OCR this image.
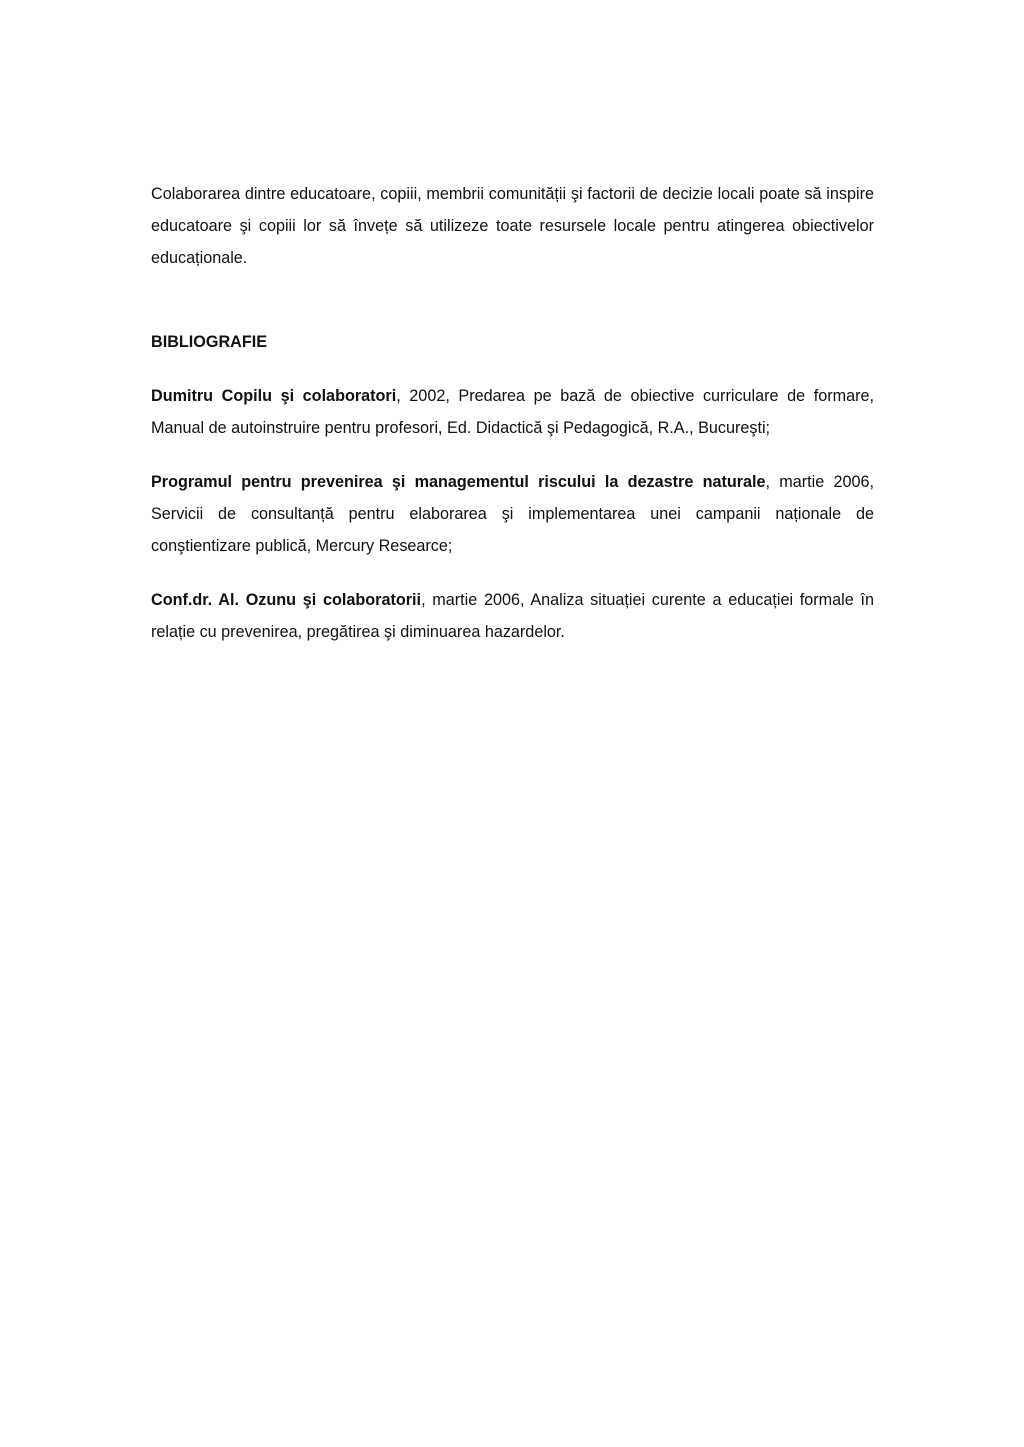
Colaborarea dintre educatoare, copiii, membrii comunității şi factorii de decizie locali poate să inspire educatoare şi copiii lor să învețe să utilizeze toate resursele locale pentru atingerea obiectivelor educaționale.

BIBLIOGRAFIE

Dumitru Copilu şi colaboratori, 2002, Predarea pe bază de obiective curriculare de formare, Manual de autoinstruire pentru profesori, Ed. Didactică şi Pedagogică, R.A., Bucureşti;

Programul pentru prevenirea şi managementul riscului la dezastre naturale, martie 2006, Servicii de consultanță pentru elaborarea şi implementarea unei campanii naționale de conştientizare publică, Mercury Researce;

Conf.dr. Al. Ozunu şi colaboratorii, martie 2006, Analiza situației curente a educației formale în relație cu prevenirea, pregătirea şi diminuarea hazardelor.
